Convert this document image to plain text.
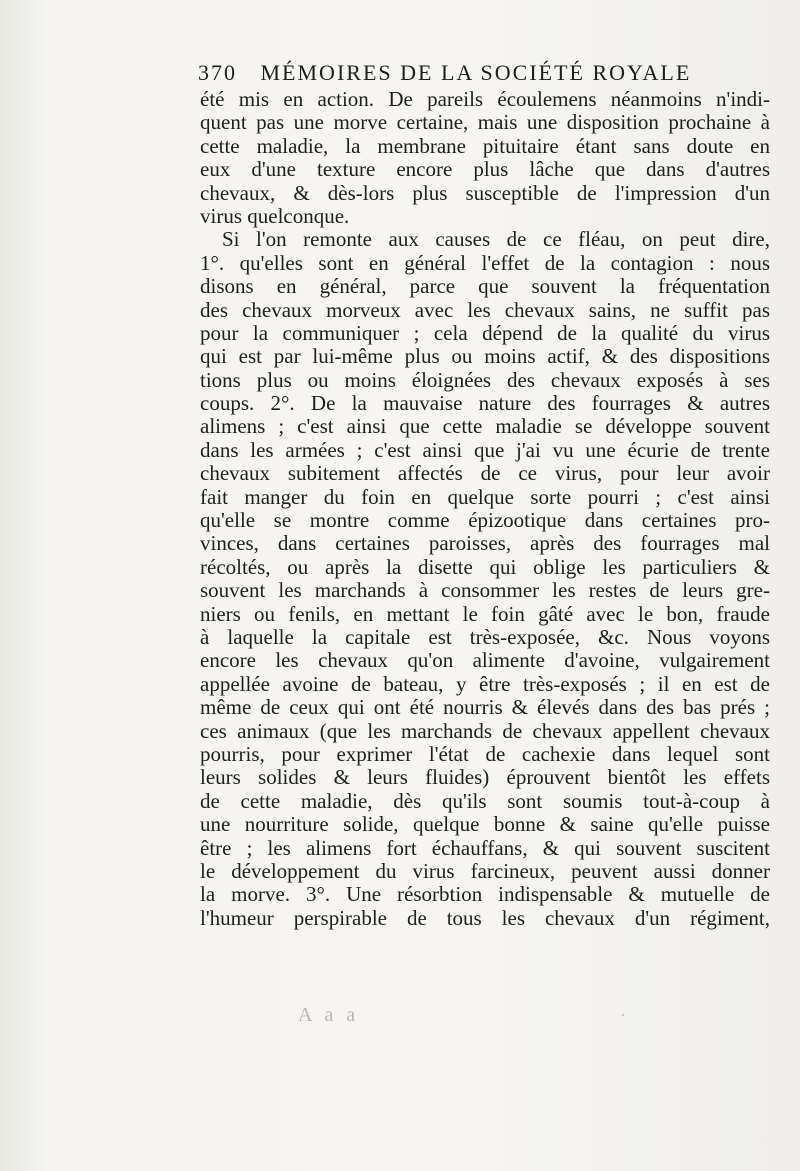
370 MÉMOIRES DE LA SOCIÉTÉ ROYALE
été mis en action. De pareils écoulemens néanmoins n'indi-
quent pas une morve certaine, mais une disposition prochaine à
cette maladie, la membrane pituitaire étant sans doute en
eux d'une texture encore plus lâche que dans d'autres
chevaux, & dès-lors plus susceptible de l'impression d'un
virus quelconque.
Si l'on remonte aux causes de ce fléau, on peut dire,
1°. qu'elles sont en général l'effet de la contagion : nous
disons en général, parce que souvent la fréquentation
des chevaux morveux avec les chevaux sains, ne suffit pas
pour la communiquer ; cela dépend de la qualité du virus
qui est par lui-même plus ou moins actif, & des dispositions
tions plus ou moins éloignées des chevaux exposés à ses
coups. 2°. De la mauvaise nature des fourrages & autres
alimens ; c'est ainsi que cette maladie se développe souvent
dans les armées ; c'est ainsi que j'ai vu une écurie de trente
chevaux subitement affectés de ce virus, pour leur avoir
fait manger du foin en quelque sorte pourri ; c'est ainsi
qu'elle se montre comme épizootique dans certaines pro-
vinces, dans certaines paroisses, après des fourrages mal
récoltés, ou après la disette qui oblige les particuliers &
souvent les marchands à consommer les restes de leurs gre-
niers ou fenils, en mettant le foin gâté avec le bon, fraude
à laquelle la capitale est très-exposée, &c. Nous voyons
encore les chevaux qu'on alimente d'avoine, vulgairement
appellée avoine de bateau, y être très-exposés ; il en est de
même de ceux qui ont été nourris & élevés dans des bas prés ;
ces animaux (que les marchands de chevaux appellent chevaux
pourris, pour exprimer l'état de cachexie dans lequel sont
leurs solides & leurs fluides) éprouvent bientôt les effets
de cette maladie, dès qu'ils sont soumis tout-à-coup à
une nourriture solide, quelque bonne & saine qu'elle puisse
être ; les alimens fort échauffans, & qui souvent suscitent
le développement du virus farcineux, peuvent aussi donner
la morve. 3°. Une résorbtion indispensable & mutuelle de
l'humeur perspirable de tous les chevaux d'un régiment,
A a a	·
